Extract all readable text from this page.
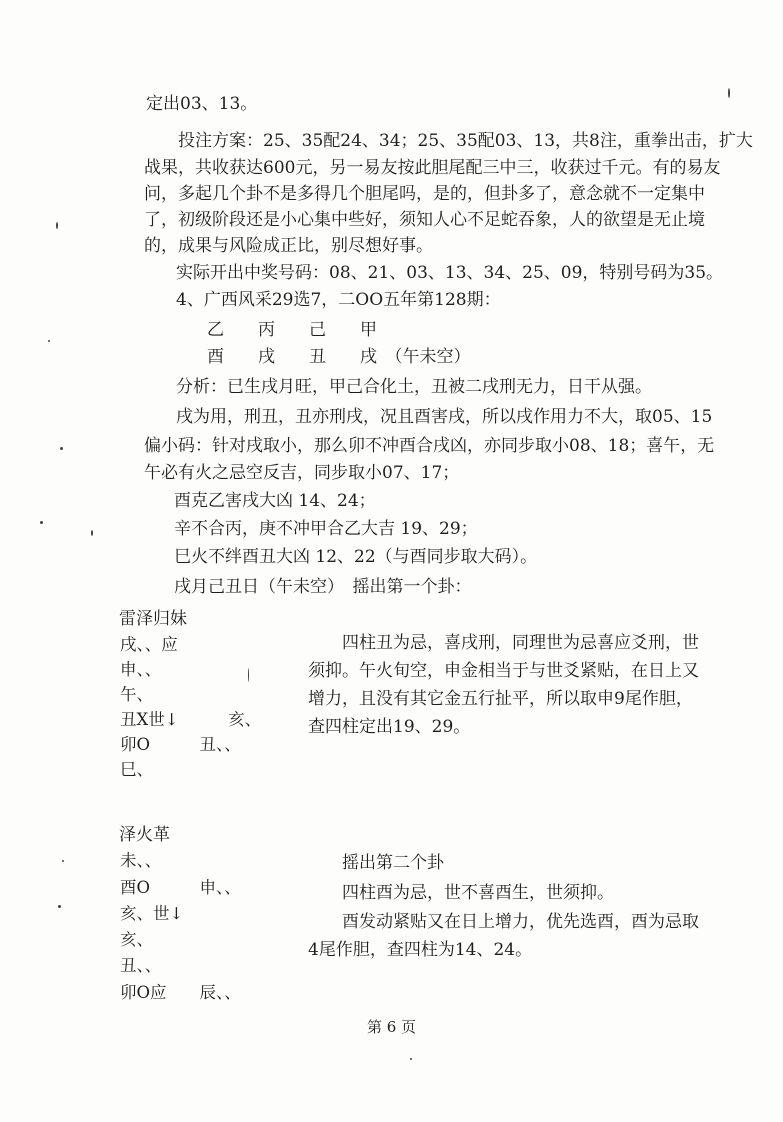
定出03、13。
投注方案：25、35配24、34；25、35配03、13，共8注，重拳出击，扩大
战果，共收获达600元，另一易友按此胆尾配三中三，收获过千元。有的易友
问，多起几个卦不是多得几个胆尾吗，是的，但卦多了，意念就不一定集中
了，初级阶段还是小心集中些好，须知人心不足蛇吞象，人的欲望是无止境
的，成果与风险成正比，别尽想好事。
实际开出中奖号码：08、21、03、13、34、25、09，特别号码为35。
4、广西风采29选7，二OO五年第128期：
乙　　丙　　己　　甲
酉　　戌　　丑　　戌　（午未空）
分析：已生戌月旺，甲己合化土，丑被二戌刑无力，日干从强。
戌为用，刑丑，丑亦刑戌，况且酉害戌，所以戌作用力不大，取05、15
偏小码：针对戌取小，那么卯不冲酉合戌凶，亦同步取小08、18；喜午，无
午必有火之忌空反吉，同步取小07、17；
酉克乙害戌大凶 14、24；
辛不合丙，庚不冲甲合乙大吉 19、29；
巳火不绊酉丑大凶 12、22（与酉同步取大码）。
戌月己丑日（午未空）　摇出第一个卦：
雷泽归妹
戌、、应
申、、
午、
丑X世↓　　　亥、
卯O　　　丑、、
巳、
四柱丑为忌，喜戌刑，同理世为忌喜应爻刑，世
须抑。午火旬空，申金相当于与世爻紧贴，在日上又
增力，且没有其它金五行扯平，所以取申9尾作胆，
查四柱定出19、29。
泽火革
未、、
酉O　　　申、、
亥、世↓
亥、
丑、、
卯O应　　辰、、
摇出第二个卦
四柱酉为忌，世不喜酉生，世须抑。
酉发动紧贴又在日上增力，优先选酉，酉为忌取
4尾作胆，查四柱为14、24。
第 6 页
